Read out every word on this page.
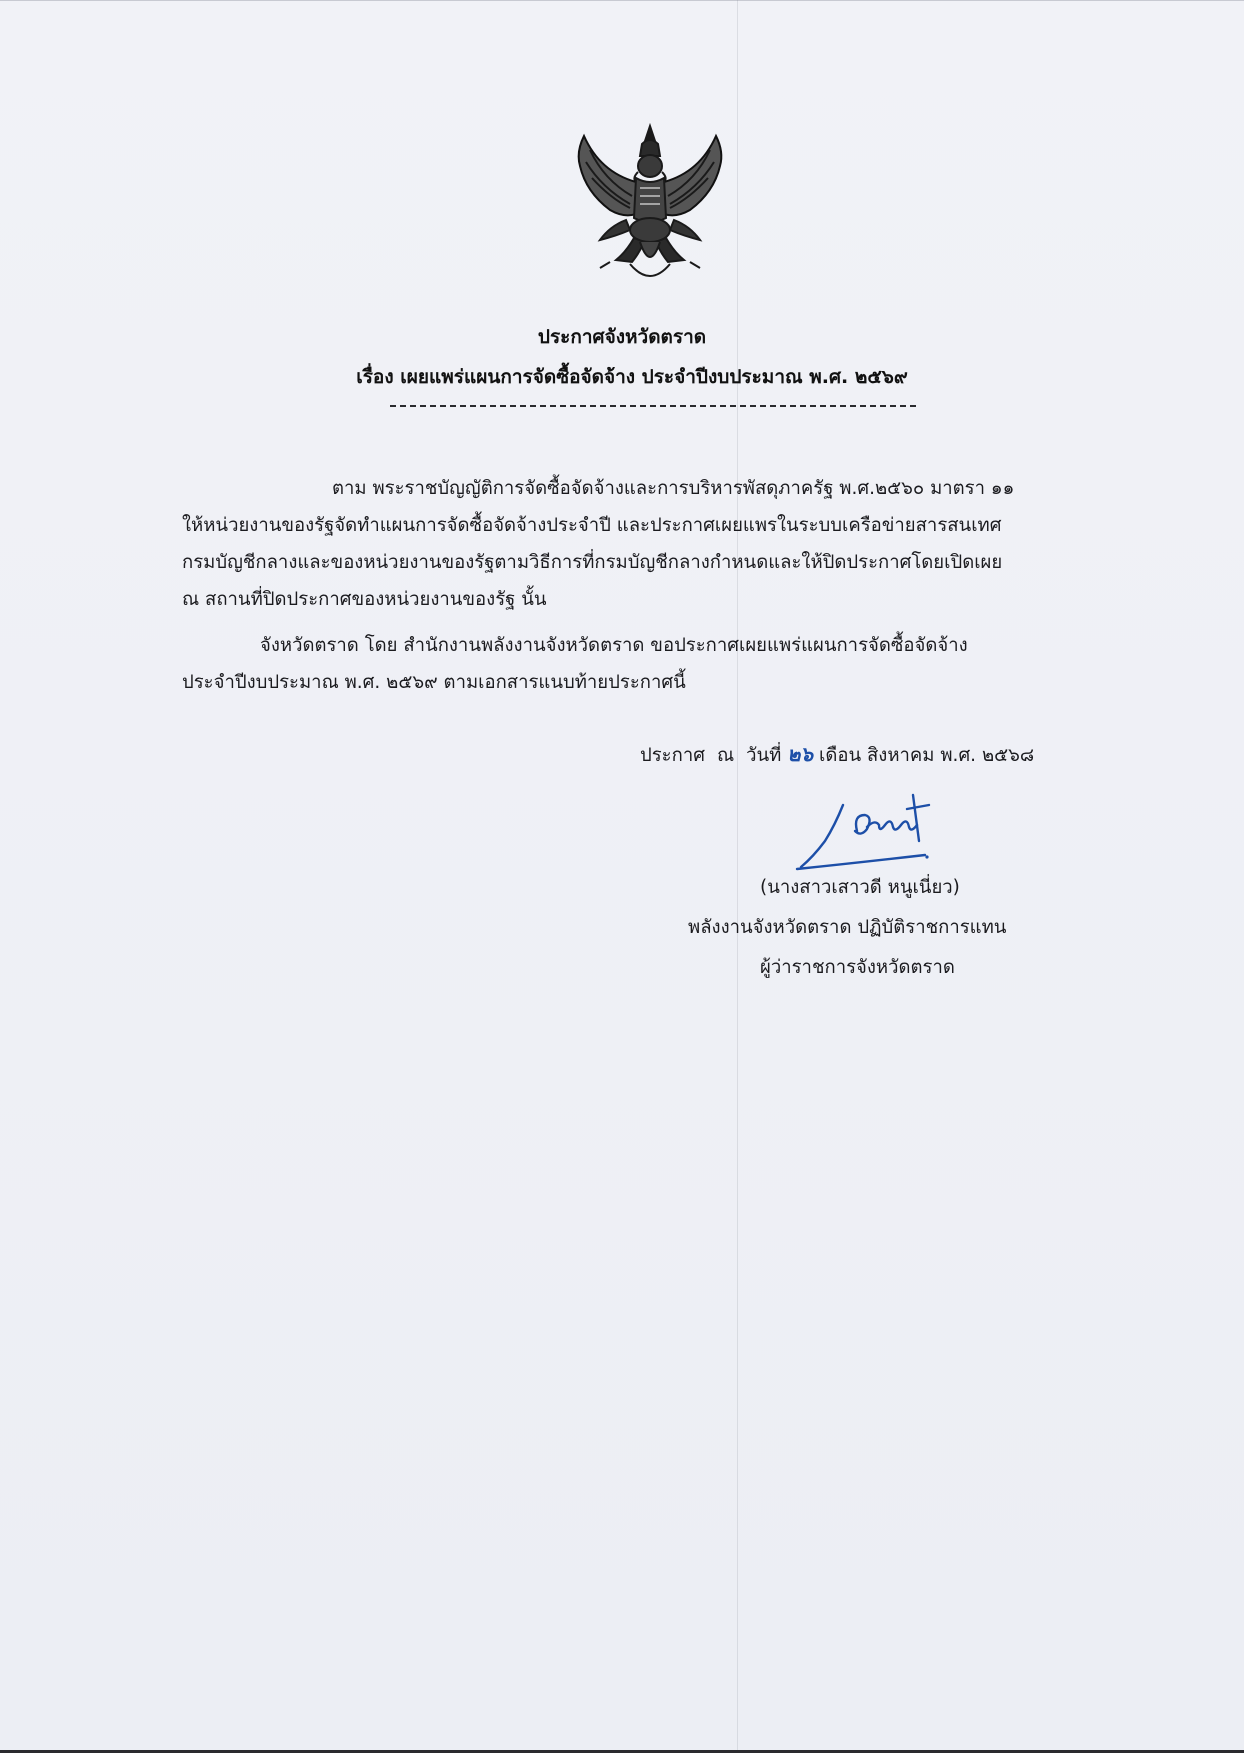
ประกาศจังหวัดตราด
เรื่อง เผยแพร่แผนการจัดซื้อจัดจ้าง ประจำปีงบประมาณ พ.ศ. ๒๕๖๙
ตาม พระราชบัญญัติการจัดซื้อจัดจ้างและการบริหารพัสดุภาครัฐ พ.ศ.๒๕๖๐ มาตรา ๑๑
ให้หน่วยงานของรัฐจัดทำแผนการจัดซื้อจัดจ้างประจำปี และประกาศเผยแพรในระบบเครือข่ายสารสนเทศ
กรมบัญชีกลางและของหน่วยงานของรัฐตามวิธีการที่กรมบัญชีกลางกำหนดและให้ปิดประกาศโดยเปิดเผย
ณ สถานที่ปิดประกาศของหน่วยงานของรัฐ นั้น
จังหวัดตราด โดย สำนักงานพลังงานจังหวัดตราด ขอประกาศเผยแพร่แผนการจัดซื้อจัดจ้าง
ประจำปีงบประมาณ พ.ศ. ๒๕๖๙ ตามเอกสารแนบท้ายประกาศนี้
ประกาศ ณ วันที่ ๒๖ เดือน สิงหาคม พ.ศ. ๒๕๖๘
(นางสาวเสาวดี หนูเนี่ยว)
พลังงานจังหวัดตราด ปฏิบัติราชการแทน
ผู้ว่าราชการจังหวัดตราด
